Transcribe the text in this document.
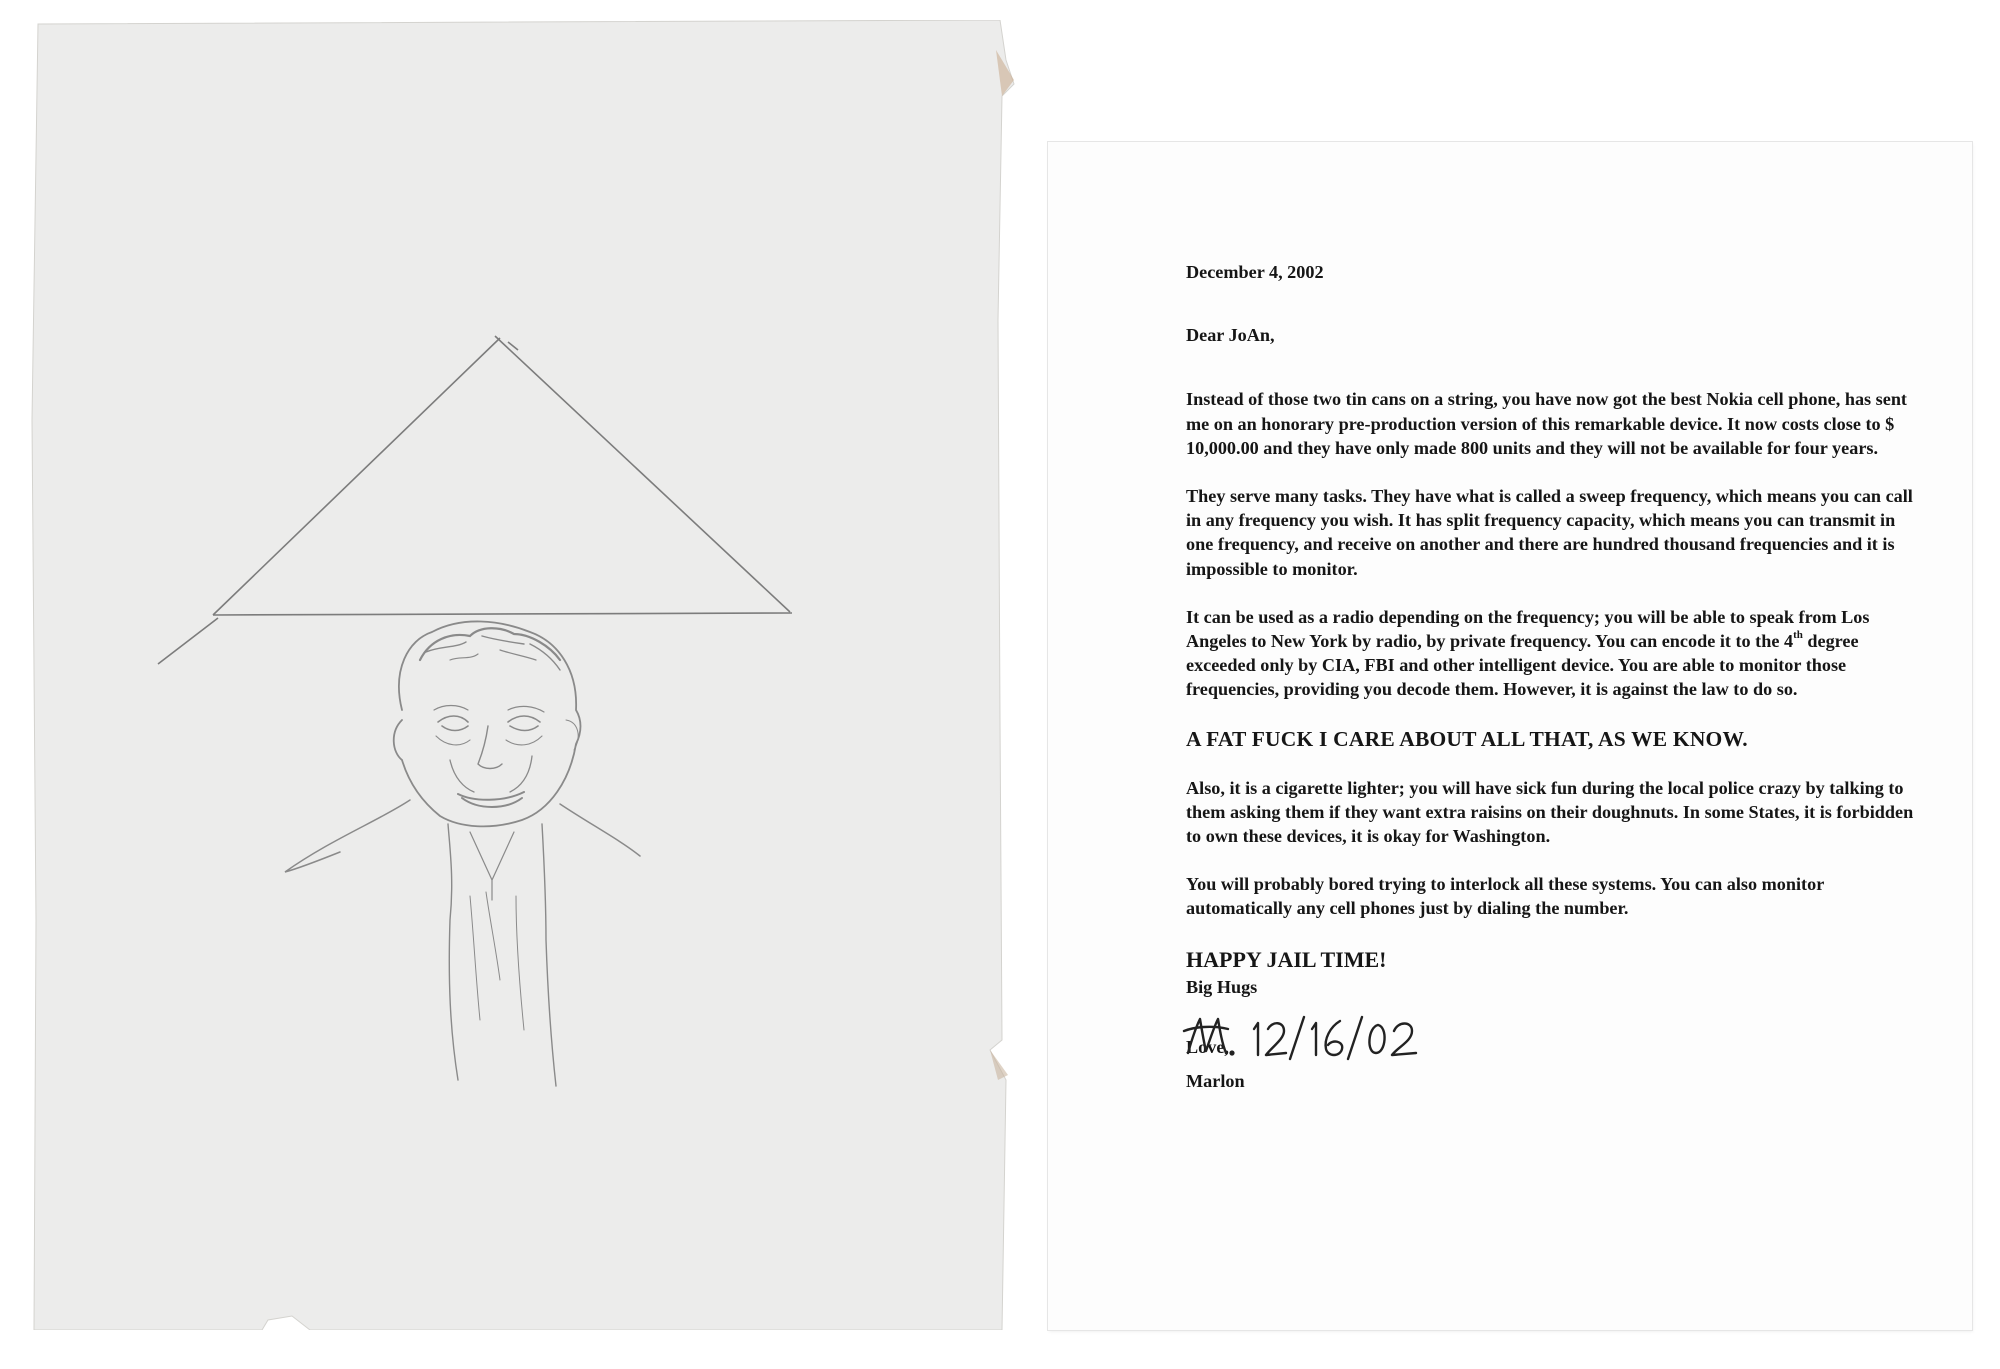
December 4, 2002

Dear JoAn,

Instead of those two tin cans on a string, you have now got the best Nokia cell phone, has sent me on an honorary pre-production version of this remarkable device. It now costs close to $ 10,000.00 and they have only made 800 units and they will not be available for four years.

They serve many tasks. They have what is called a sweep frequency, which means you can call in any frequency you wish. It has split frequency capacity, which means you can transmit in one frequency, and receive on another and there are hundred thousand frequencies and it is impossible to monitor.

It can be used as a radio depending on the frequency; you will be able to speak from Los Angeles to New York by radio, by private frequency. You can encode it to the 4th degree exceeded only by CIA, FBI and other intelligent device. You are able to monitor those frequencies, providing you decode them. However, it is against the law to do so.

A FAT FUCK I CARE ABOUT ALL THAT, AS WE KNOW.

Also, it is a cigarette lighter; you will have sick fun during the local police crazy by talking to them asking them if they want extra raisins on their doughnuts. In some States, it is forbidden to own these devices, it is okay for Washington.

You will probably bored trying to interlock all these systems. You can also monitor automatically any cell phones just by dialing the number.

HAPPY JAIL TIME!

Big Hugs

Love,

Marlon
